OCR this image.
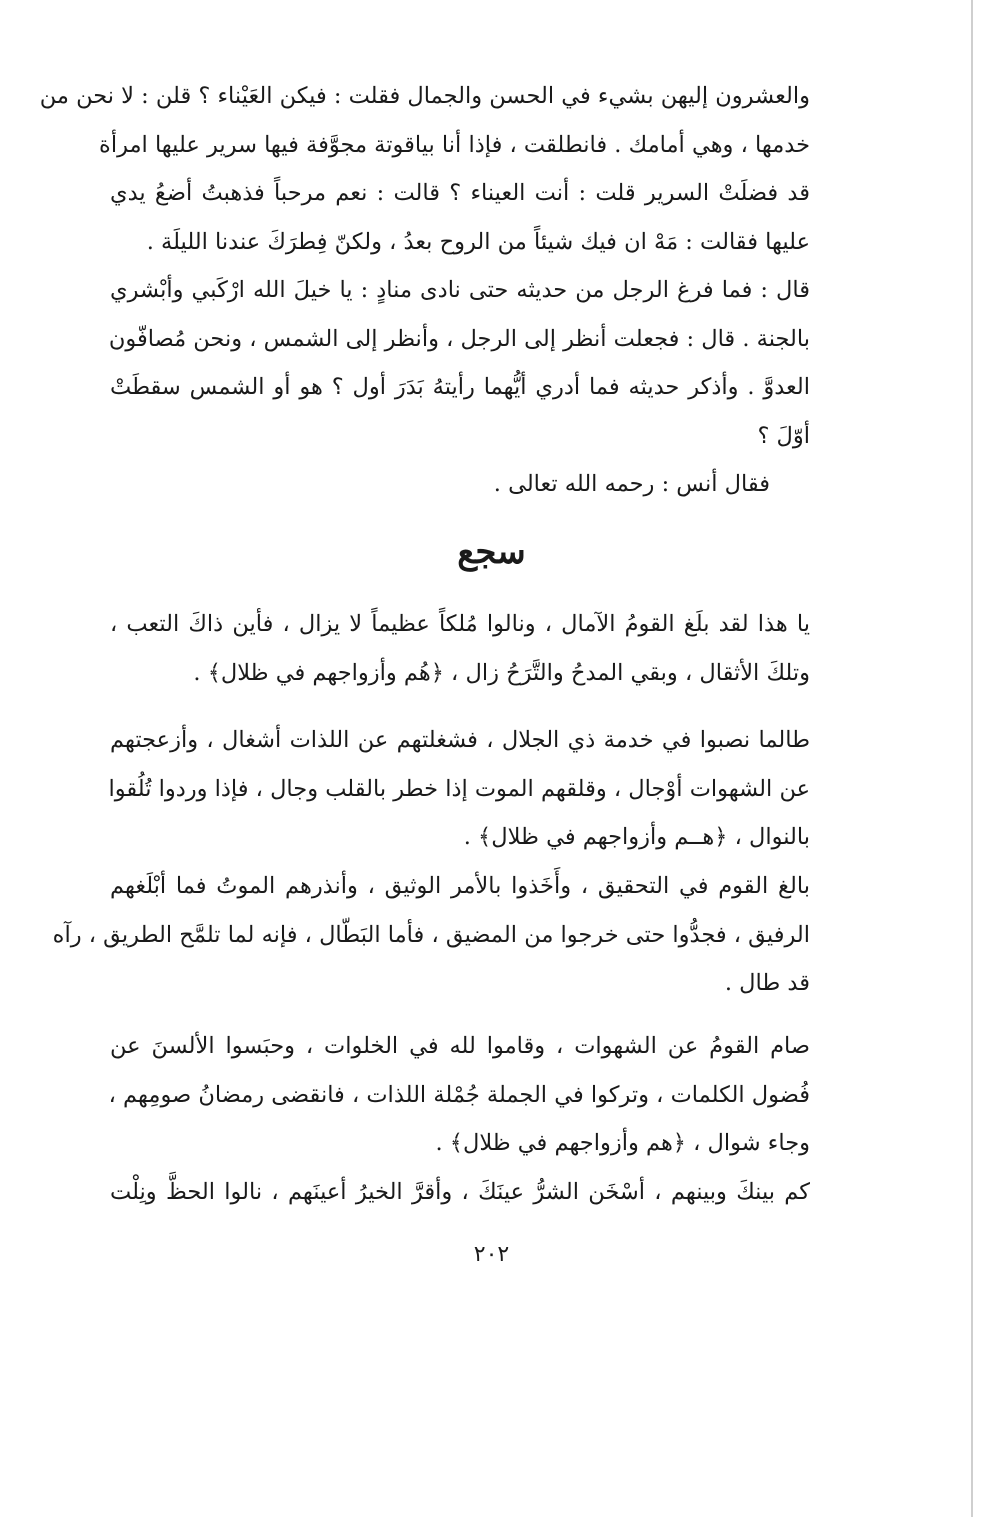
والعشرون إليهن بشيء في الحسن والجمال فقلت : فيكن العَيْناء ؟ قلن : لا نحن من
خدمها ، وهي أمامك . فانطلقت ، فإذا أنا بياقوتة مجوَّفة فيها سرير عليها امرأة
قد فضلَتْ السرير قلت : أنت العيناء ؟ قالت : نعم مرحباً فذهبتُ أضعُ يدي
عليها فقالت : مَهْ ان فيك شيئاً من الروح بعدُ ، ولكنّ فِطرَكَ عندنا الليلَة .
قال : فما فرغ الرجل من حديثه حتى نادى منادٍ : يا خيلَ الله ارْكَبي وأبْشري
بالجنة . قال : فجعلت أنظر إلى الرجل ، وأنظر إلى الشمس ، ونحن مُصافّون
العدوَّ . وأذكر حديثه فما أدري أيُّهما رأيتهُ بَدَرَ أول ؟ هو أو الشمس سقطَتْ
أوّلَ ؟
فقال أنس : رحمه الله تعالى .
سجع
يا هذا لقد بلَغ القومُ الآمال ، ونالوا مُلكاً عظيماً لا يزال ، فأين ذاكَ التعب ،
وتلكَ الأثقال ، وبقي المدحُ والتَّرَحُ زال ، ﴿هُم وأزواجهم في ظلال﴾ .
طالما نصبوا في خدمة ذي الجلال ، فشغلتهم عن اللذات أشغال ، وأزعجتهم
عن الشهوات أوْجال ، وقلقهم الموت إذا خطر بالقلب وجال ، فإذا وردوا تُلُقوا
بالنوال ، ﴿هــم وأزواجهم في ظلال﴾ .
بالغ القوم في التحقيق ، وأَخَذوا بالأمر الوثيق ، وأنذرهم الموتُ فما أبْلَغهم
الرفيق ، فجدُّوا حتى خرجوا من المضيق ، فأما البَطّال ، فإنه لما تلمَّح الطريق ، رآه
قد طال .
صام القومُ عن الشهوات ، وقاموا لله في الخلوات ، وحبَسوا الألسنَ عن
فُضول الكلمات ، وتركوا في الجملة جُمْلة اللذات ، فانقضى رمضانُ صومِهم ،
وجاء شوال ، ﴿هم وأزواجهم في ظلال﴾ .
كم بينكَ وبينهم ، أسْخَن الشرُّ عينَكَ ، وأقرَّ الخيرُ أعينَهم ، نالوا الحظَّ ونِلْت
٢٠٢
